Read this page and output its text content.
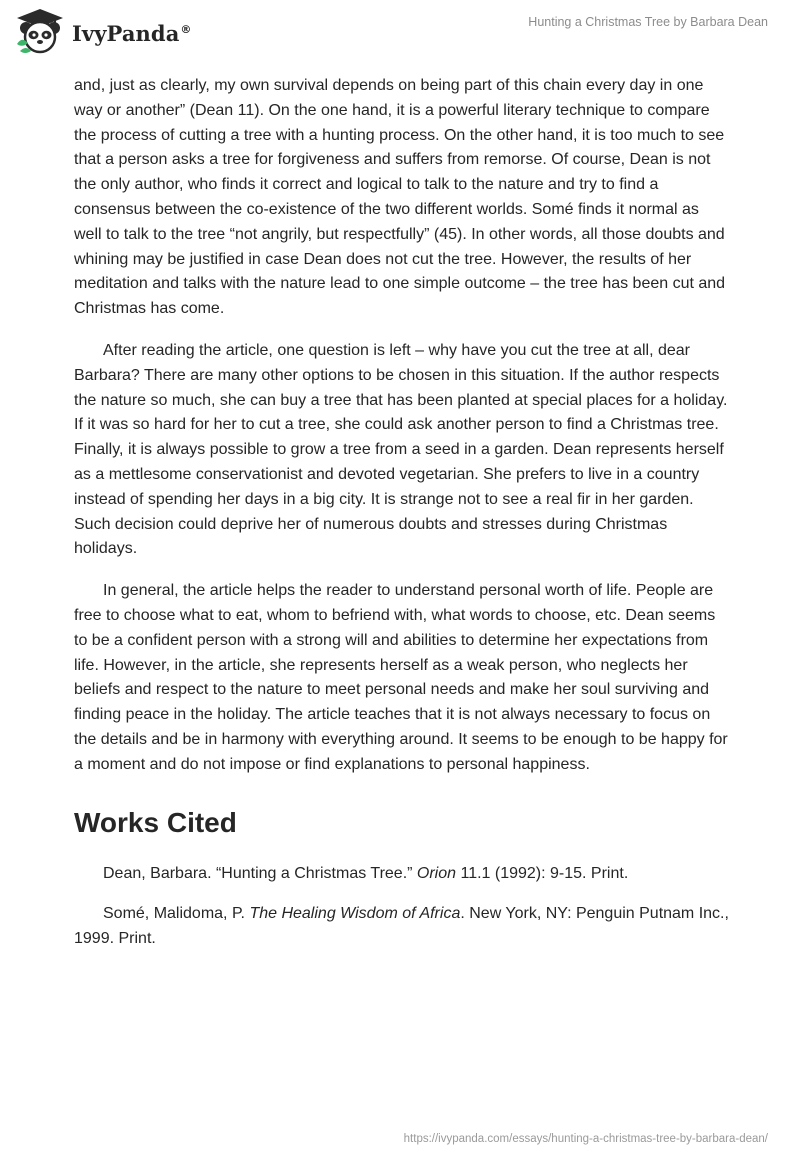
IvyPanda®	Hunting a Christmas Tree by Barbara Dean

and, just as clearly, my own survival depends on being part of this chain every day in one way or another” (Dean 11). On the one hand, it is a powerful literary technique to compare the process of cutting a tree with a hunting process. On the other hand, it is too much to see that a person asks a tree for forgiveness and suffers from remorse. Of course, Dean is not the only author, who finds it correct and logical to talk to the nature and try to find a consensus between the co-existence of the two different worlds. Somé finds it normal as well to talk to the tree “not angrily, but respectfully” (45). In other words, all those doubts and whining may be justified in case Dean does not cut the tree. However, the results of her meditation and talks with the nature lead to one simple outcome – the tree has been cut and Christmas has come.

After reading the article, one question is left – why have you cut the tree at all, dear Barbara? There are many other options to be chosen in this situation. If the author respects the nature so much, she can buy a tree that has been planted at special places for a holiday. If it was so hard for her to cut a tree, she could ask another person to find a Christmas tree. Finally, it is always possible to grow a tree from a seed in a garden. Dean represents herself as a mettlesome conservationist and devoted vegetarian. She prefers to live in a country instead of spending her days in a big city. It is strange not to see a real fir in her garden. Such decision could deprive her of numerous doubts and stresses during Christmas holidays.

In general, the article helps the reader to understand personal worth of life. People are free to choose what to eat, whom to befriend with, what words to choose, etc. Dean seems to be a confident person with a strong will and abilities to determine her expectations from life. However, in the article, she represents herself as a weak person, who neglects her beliefs and respect to the nature to meet personal needs and make her soul surviving and finding peace in the holiday. The article teaches that it is not always necessary to focus on the details and be in harmony with everything around. It seems to be enough to be happy for a moment and do not impose or find explanations to personal happiness.

Works Cited

Dean, Barbara. “Hunting a Christmas Tree.” Orion 11.1 (1992): 9-15. Print.

Somé, Malidoma, P. The Healing Wisdom of Africa. New York, NY: Penguin Putnam Inc., 1999. Print.

https://ivypanda.com/essays/hunting-a-christmas-tree-by-barbara-dean/
